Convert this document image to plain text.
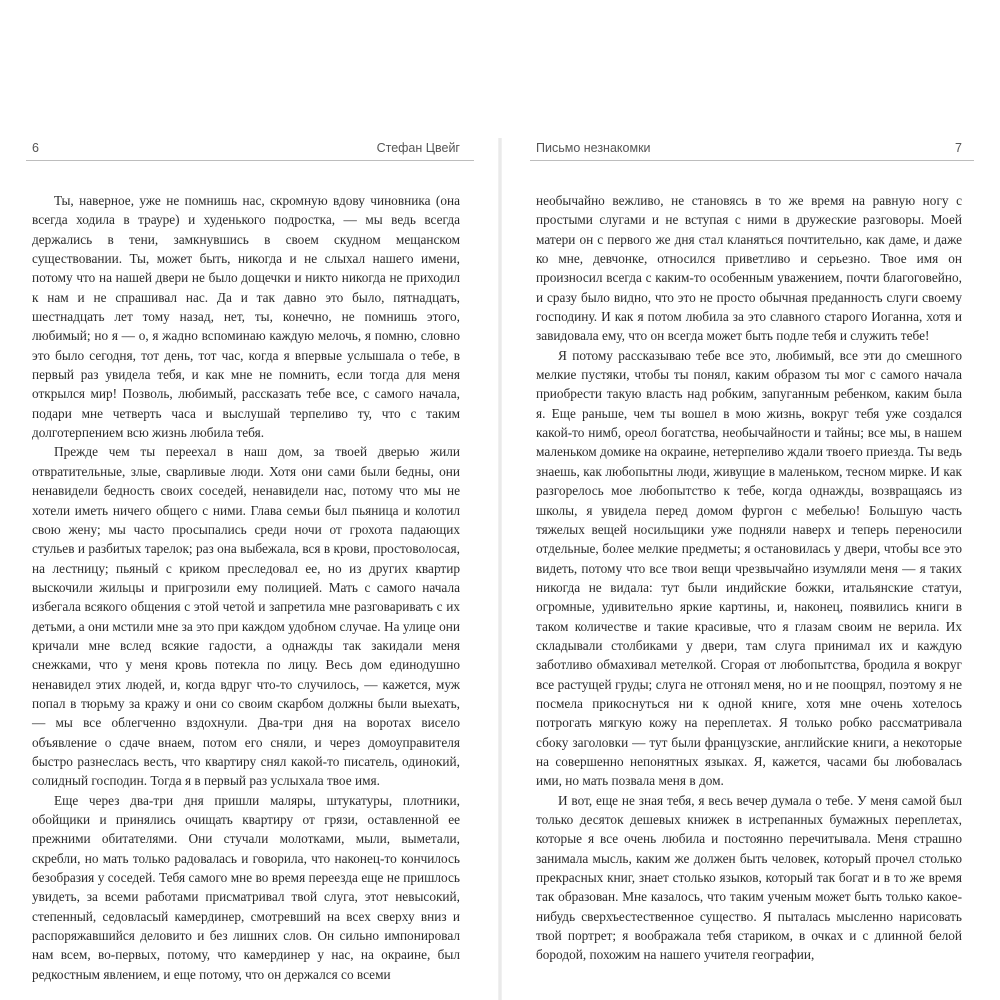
6	Стефан Цвейг

Ты, наверное, уже не помнишь нас, скромную вдову чиновника (она всегда ходила в трауре) и худенького подростка, — мы ведь всегда держались в тени, замкнувшись в своем скудном мещанском существовании. Ты, может быть, никогда и не слыхал нашего имени, потому что на нашей двери не было дощечки и никто никогда не приходил к нам и не спрашивал нас. Да и так давно это было, пятнадцать, шестнадцать лет тому назад, нет, ты, конечно, не помнишь этого, любимый; но я — о, я жадно вспоминаю каждую мелочь, я помню, словно это было сегодня, тот день, тот час, когда я впервые услышала о тебе, в первый раз увидела тебя, и как мне не помнить, если тогда для меня открылся мир! Позволь, любимый, рассказать тебе все, с самого начала, подари мне четверть часа и выслушай терпеливо ту, что с таким долготерпением всю жизнь любила тебя.

Прежде чем ты переехал в наш дом, за твоей дверью жили отвратительные, злые, сварливые люди. Хотя они сами были бедны, они ненавидели бедность своих соседей, ненавидели нас, потому что мы не хотели иметь ничего общего с ними. Глава семьи был пьяница и колотил свою жену; мы часто просыпались среди ночи от грохота падающих стульев и разбитых тарелок; раз она выбежала, вся в крови, простоволосая, на лестницу; пьяный с криком преследовал ее, но из других квартир выскочили жильцы и пригрозили ему полицией. Мать с самого начала избегала всякого общения с этой четой и запретила мне разговаривать с их детьми, а они мстили мне за это при каждом удобном случае. На улице они кричали мне вслед всякие гадости, а однажды так закидали меня снежками, что у меня кровь потекла по лицу. Весь дом единодушно ненавидел этих людей, и, когда вдруг что-то случилось, — кажется, муж попал в тюрьму за кражу и они со своим скарбом должны были выехать, — мы все облегченно вздохнули. Два-три дня на воротах висело объявление о сдаче внаем, потом его сняли, и через домоуправителя быстро разнеслась весть, что квартиру снял какой-то писатель, одинокий, солидный господин. Тогда я в первый раз услыхала твое имя.

Еще через два-три дня пришли маляры, штукатуры, плотники, обойщики и принялись очищать квартиру от грязи, оставленной ее прежними обитателями. Они стучали молотками, мыли, выметали, скребли, но мать только радовалась и говорила, что наконец-то кончилось безобразия у соседей. Тебя самого мне во время переезда еще не пришлось увидеть, за всеми работами присматривал твой слуга, этот невысокий, степенный, седовласый камердинер, смотревший на всех сверху вниз и распоряжавшийся деловито и без лишних слов. Он сильно импонировал нам всем, во-первых, потому, что камердинер у нас, на окраине, был редкостным явлением, и еще потому, что он держался со всеми

Письмо незнакомки	7

необычайно вежливо, не становясь в то же время на равную ногу с простыми слугами и не вступая с ними в дружеские разговоры. Моей матери он с первого же дня стал кланяться почтительно, как даме, и даже ко мне, девчонке, относился приветливо и серьезно. Твое имя он произносил всегда с каким-то особенным уважением, почти благоговейно, и сразу было видно, что это не просто обычная преданность слуги своему господину. И как я потом любила за это славного старого Иоганна, хотя и завидовала ему, что он всегда может быть подле тебя и служить тебе!

Я потому рассказываю тебе все это, любимый, все эти до смешного мелкие пустяки, чтобы ты понял, каким образом ты мог с самого начала приобрести такую власть над робким, запуганным ребенком, каким была я. Еще раньше, чем ты вошел в мою жизнь, вокруг тебя уже создался какой-то нимб, ореол богатства, необычайности и тайны; все мы, в нашем маленьком домике на окраине, нетерпеливо ждали твоего приезда. Ты ведь знаешь, как любопытны люди, живущие в маленьком, тесном мирке. И как разгорелось мое любопытство к тебе, когда однажды, возвращаясь из школы, я увидела перед домом фургон с мебелью! Большую часть тяжелых вещей носильщики уже подняли наверх и теперь переносили отдельные, более мелкие предметы; я остановилась у двери, чтобы все это видеть, потому что все твои вещи чрезвычайно изумляли меня — я таких никогда не видала: тут были индийские божки, итальянские статуи, огромные, удивительно яркие картины, и, наконец, появились книги в таком количестве и такие красивые, что я глазам своим не верила. Их складывали столбиками у двери, там слуга принимал их и каждую заботливо обмахивал метелкой. Сгорая от любопытства, бродила я вокруг все растущей груды; слуга не отгонял меня, но и не поощрял, поэтому я не посмела прикоснуться ни к одной книге, хотя мне очень хотелось потрогать мягкую кожу на переплетах. Я только робко рассматривала сбоку заголовки — тут были французские, английские книги, а некоторые на совершенно непонятных языках. Я, кажется, часами бы любовалась ими, но мать позвала меня в дом.

И вот, еще не зная тебя, я весь вечер думала о тебе. У меня самой был только десяток дешевых книжек в истрепанных бумажных переплетах, которые я все очень любила и постоянно перечитывала. Меня страшно занимала мысль, каким же должен быть человек, который прочел столько прекрасных книг, знает столько языков, который так богат и в то же время так образован. Мне казалось, что таким ученым может быть только какое-нибудь сверхъестественное существо. Я пыталась мысленно нарисовать твой портрет; я воображала тебя стариком, в очках и с длинной белой бородой, похожим на нашего учителя географии,
